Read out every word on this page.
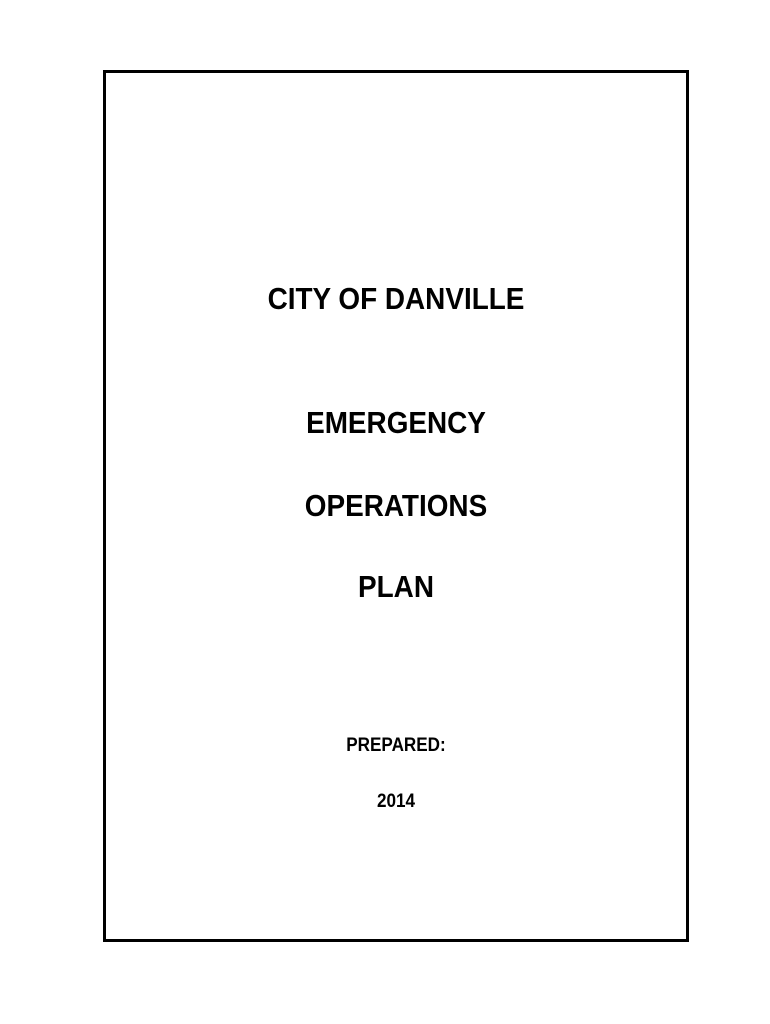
CITY OF DANVILLE
EMERGENCY
OPERATIONS
PLAN
PREPARED:
2014
